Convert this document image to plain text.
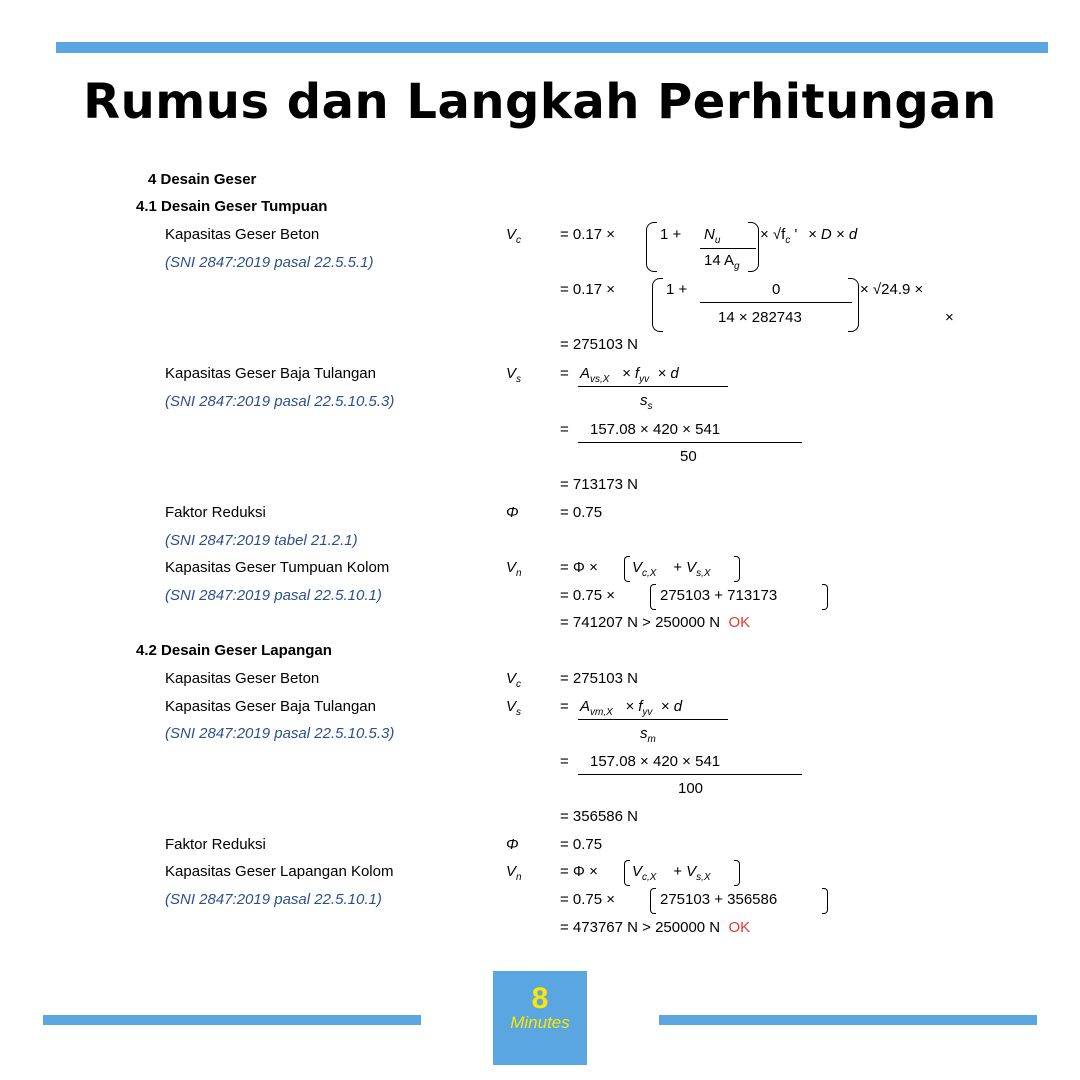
Rumus dan Langkah Perhitungan
4 Desain Geser
4.1 Desain Geser Tumpuan
Kapasitas Geser Beton
(SNI 2847:2019 pasal 22.5.5.1)
$V_c$	= 0.17 ×	$1 + N_u$
14 $A_g$
× $√f_c$ ' × D × d
= 0.17 ×	1 +	0
14 × 282743
× √24.9 ×
×
= 275103 N
Kapasitas Geser Baja Tulangan
(SNI 2847:2019 pasal 22.5.10.5.3)
$V_s$	= $A_{vs,X} \times f_{yv} \times d$
$s_s$
= 157.08 × 420 × 541
50
= 713173 N
Faktor Reduksi	Φ	= 0.75
(SNI 2847:2019 tabel 21.2.1)
Kapasitas Geser Tumpuan Kolom
(SNI 2847:2019 pasal 22.5.10.1)
$V_n$	= $\Phi \times V_{c,X} + V_{s,X}$
= 0.75 ×	275103 + 713173
= 741207 N > 250000 N OK
4.2 Desain Geser Lapangan
Kapasitas Geser Beton	$V_c$	= 275103 N
Kapasitas Geser Baja Tulangan
(SNI 2847:2019 pasal 22.5.10.5.3)
$V_s$	= $A_{vm,X} \times f_{yv} \times d$
$s_m$
= 157.08 × 420 × 541
100
= 356586 N
Faktor Reduksi	Φ	= 0.75
Kapasitas Geser Lapangan Kolom
(SNI 2847:2019 pasal 22.5.10.1)
$V_n$	= $\Phi \times V_{c,X} + V_{s,X}$
= 0.75 ×	275103 + 356586
= 473767 N > 250000 N OK
8
Minutes
